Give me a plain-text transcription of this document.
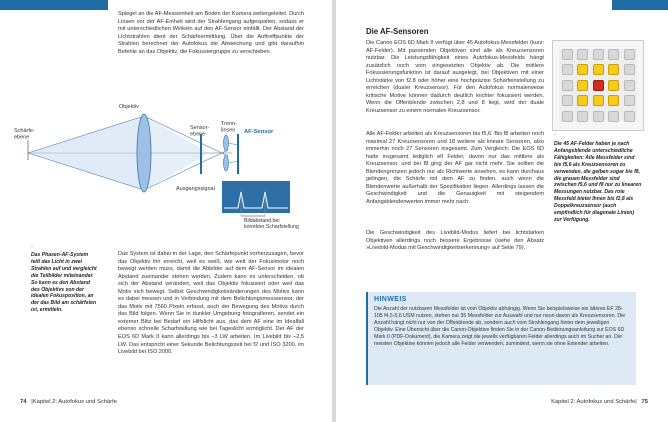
Spiegel an die AF-Messeinheit am Boden der Kamera weitergeleitet. Durch Linsen vor der AF-Einheit wird der Strahlengang aufgespalten, sodass er mit unterschiedlichen Winkeln auf den AF-Sensor einfällt. Der Abstand der Lichtstrahlen dient der Schärfeermittlung. Über die Auftreffpunkte der Strahlen berechnet der Autofokus die Abweichung und gibt daraufhin Befehle an das Objektiv, die Fokussiergruppe zu verschieben.

Schärfe-ebene
Objektiv
Sensor-ebene
Trenn-linsen	AF-Sensor
Ausgangssignal
Bildabstand bei korrekter Scharfstellung
◦
Das Phasen-AF-System teilt das Licht in zwei Strahlen auf und vergleicht die Teilbilder miteinander. So kann es den Abstand des Objektivs von der idealen Fokusposition, an der das Bild am schärfsten ist, ermitteln.

Das System ist dabei in der Lage, den Schärfepunkt vorherzusagen, bevor das Objektiv ihn erreicht, weil es weiß, wie weit der Fokusmotor noch bewegt werden muss, damit die Abbilder auf dem AF-Sensor im idealen Abstand zueinander stehen werden. Zudem kann es unterscheiden, ob sich der Abstand verändert, weil das Objektiv fokussiert oder weil das Motiv sich bewegt. Selbst Geschwindigkeitsänderungen des Motivs kann es dabei messen und in Verbindung mit dem Belichtungsmesssensor, der das Motiv mit 7560 Pixeln erfasst, auch der Bewegung des Motivs durch das Bild folgen. Wenn Sie in dunkler Umgebung fotografieren, sendet ein externer Blitz bei Bedarf ein Hilfslicht aus, das dem AF eine im Idealfall ebenso schnelle Scharfstellung wie bei Tageslicht ermöglicht. Der AF der EOS 6D Mark II kann allerdings bis –3 LW arbeiten. Im Livebild bis –2,5 LW. Das entspricht einer Sekunde Belichtungszeit bei f2 und ISO 3200, im Livebild bei ISO 2000.

74 |Kapitel 2: Autofokus und Schärfe
Die AF-Sensoren

Die Canon EOS 6D Mark II verfügt über 45 Autofokus-Messfelder (kurz: AF-Felder). Mit passenden Objektiven sind alle als Kreuzsensoren nutzbar. Die Leistungsfähigkeit eines Autofokus-Messfelds hängt zusätzlich noch vom eingesetzten Objektiv ab. Die mittlere Fokussierungsfunktion ist darauf ausgelegt, bei Objektiven mit einer Lichtstärke von f2,8 oder höher eine hochpräzise Scharfeinstellung zu erreichen (dualer Kreuzsensor). Für den Autofokus normalerweise kritische Motive können dadurch deutlich leichter fokussiert werden. Wenn die Offenblende zwischen 2,8 und 8 liegt, wird der duale Kreuzsensor zu einem normalen Kreuzsensor.

Alle AF-Felder arbeiten als Kreuzsensoren bis f5,6. Bis f8 arbeiten noch maximal 27 Kreuzsensoren und 18 weitere als lineare Sensoren, also immerhin noch 27 Sensoren insgesamt. Zum Vergleich: Die EOS 6D hatte insgesamt lediglich elf Felder, davon nur das mittlere als Kreuzsensor, und bei f8 ging der AF gar nicht mehr. Sie sollten die Blendengrenzen jedoch nur als Richtwerte ansehen, es kann durchaus gelingen, die Schärfe mit dem AF zu finden, auch wenn die Blendenwerte außerhalb der Spezifikation liegen. Allerdings lassen die Geschwindigkeit und die Genauigkeit mit steigendem Anfangsblendenwerten immer mehr nach.

Die Geschwindigkeit des Livebild-Modus liefert bei lichtstarken Objektiven allerdings noch bessere Ergebnisse (siehe den Absatz »Livebild-Modus mit Geschwindigkeitserkennung« auf Seite 79).

◦
Die 45 AF-Felder haben je nach Anfangsblende unterschiedliche Fähigkeiten: Alle Messfelder sind bis f5,6 als Kreuzsensoren zu verwenden, die gelben sogar bis f8, die grauen Messfelder sind zwischen f5,6 und f8 nur zu linearen Messungen nutzbar. Das rote Messfeld bietet Ihnen bis f2,8 als Doppelkreuzsensor (auch empfindlich für diagonale Linien) zur Verfügung.
HINWEIS
Die Anzahl der nutzbaren Messfelder ist vom Objektiv abhängig. Wenn Sie beispielsweise ein älteres EF 28-105 f4,5-5,6 USM nutzen, stehen nur 35 Messfelder zur Auswahl und nur neun davon als Kreuzsensoren. Die Anzahl hängt nicht nur von der Offenblende ab, sondern auch vom Strahlengang hinter dem jeweiligen Objektiv. Eine Übersicht über die Canon-Objektive finden Sie in der Canon-Bedienungsanleitung zur EOS 6D Mark II (PDF-Dokument), die Kamera zeigt die jeweils verfügbaren Felder allerdings auch im Sucher an. Die meisten Objektive können jedoch alle Felder verwenden, zumindest, wenn sie ohne Extender arbeiten.
Kapitel 2: Autofokus und Schärfe| 75
